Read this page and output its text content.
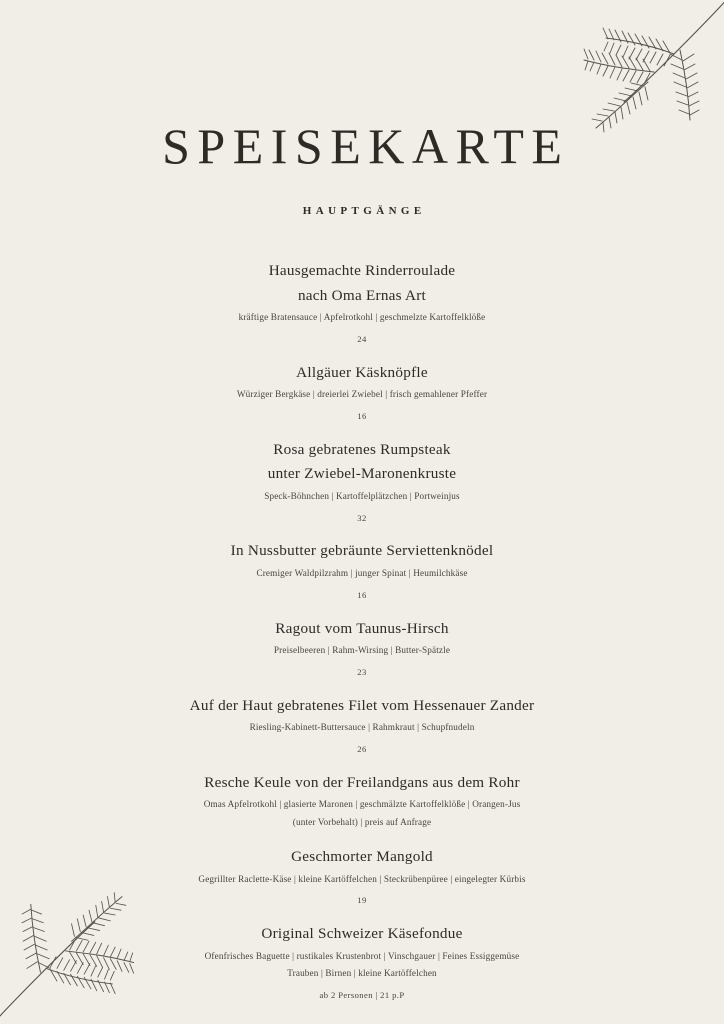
SPEISEKARTE
HAUPTGÄNGE
Hausgemachte Rinderroulade
nach Oma Ernas Art
kräftige Bratensauce | Apfelrotkohl | geschmelzte Kartoffelklöße
24
Allgäuer Käsknöpfle
Würziger Bergkäse | dreierlei Zwiebel | frisch gemahlener Pfeffer
16
Rosa gebratenes Rumpsteak
unter Zwiebel-Maronenkruste
Speck-Böhnchen | Kartoffelplätzchen | Portweinjus
32
In Nussbutter gebräunte Serviettenknödel
Cremiger Waldpilzrahm | junger Spinat | Heumilchkäse
16
Ragout vom Taunus-Hirsch
Preiselbeeren | Rahm-Wirsing | Butter-Spätzle
23
Auf der Haut gebratenes Filet vom Hessenauer Zander
Riesling-Kabinett-Buttersauce | Rahmkraut | Schupfnudeln
26
Resche Keule von der Freilandgans aus dem Rohr
Omas Apfelrotkohl | glasierte Maronen | geschmälzte Kartoffelklöße | Orangen-Jus
(unter Vorbehalt) | preis auf Anfrage
Geschmorter Mangold
Gegrillter Raclette-Käse | kleine Kartöffelchen | Steckrübenpüree | eingelegter Kürbis
19
Original Schweizer Käsefondue
Ofenfrisches Baguette | rustikales Krustenbrot | Vinschgauer | Feines Essiggemüse
Trauben | Birnen | kleine Kartöffelchen
ab 2 Personen | 21 p.P
